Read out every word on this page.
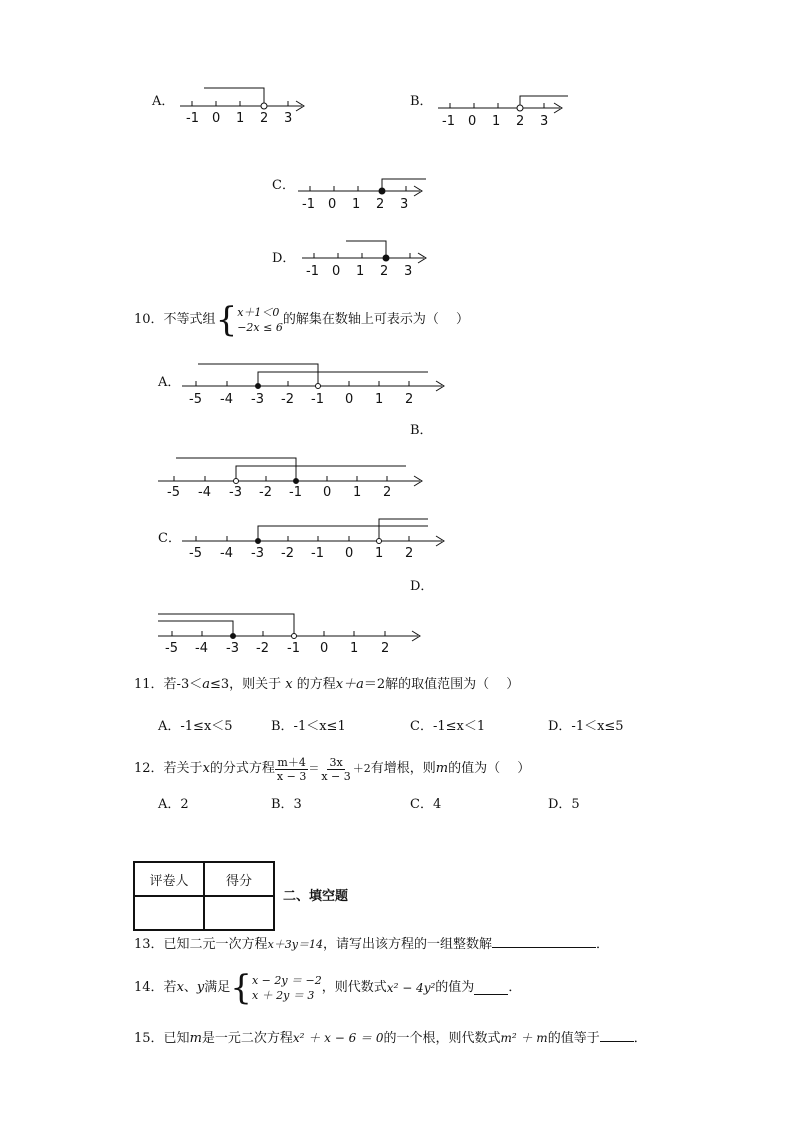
A．
-1 0 1 2 3
B．
-1 0 1 2 3
C．
-1 0 1 2 3
D．
-1 0 1 2 3
10． 不等式组 { x＋1＜0
−2x ≤ 6
的解集在数轴上可表示为（　 ）
A．
-5 -4 -3 -2 -1 0 1 2
B．
-5 -4 -3 -2 -1 0 1 2
C．
-5 -4 -3 -2 -1 0 1 2
D．
-5 -4 -3 -2 -1 0 1 2
11．若-3＜a≤3，则关于 x 的方程x＋a＝2解的取值范围为（　 ）
A．-1≤x＜5	B．-1＜x≤1	C．-1≤x＜1	D．-1＜x≤5
12． 若关于 x 的分式方程 $\frac{m+4}{x - 3} = \frac{3x}{x - 3} +2$ 有增根，则 m 的值为（　 ）
A．2	B．3	C．4	D．5
评卷人	得分

二、填空题
13．已知二元一次方程x＋3y＝14，请写出该方程的一组整数解	．
14． 若 x 、 y 满足 { x − 2y ＝ −2
x ＋ 2y ＝ 3
，则代数式 x² − 4y² 的值为	．
15．已知m是一元二次方程x² ＋ x − 6 ＝ 0的一个根，则代数式m² ＋ m的值等于	．
